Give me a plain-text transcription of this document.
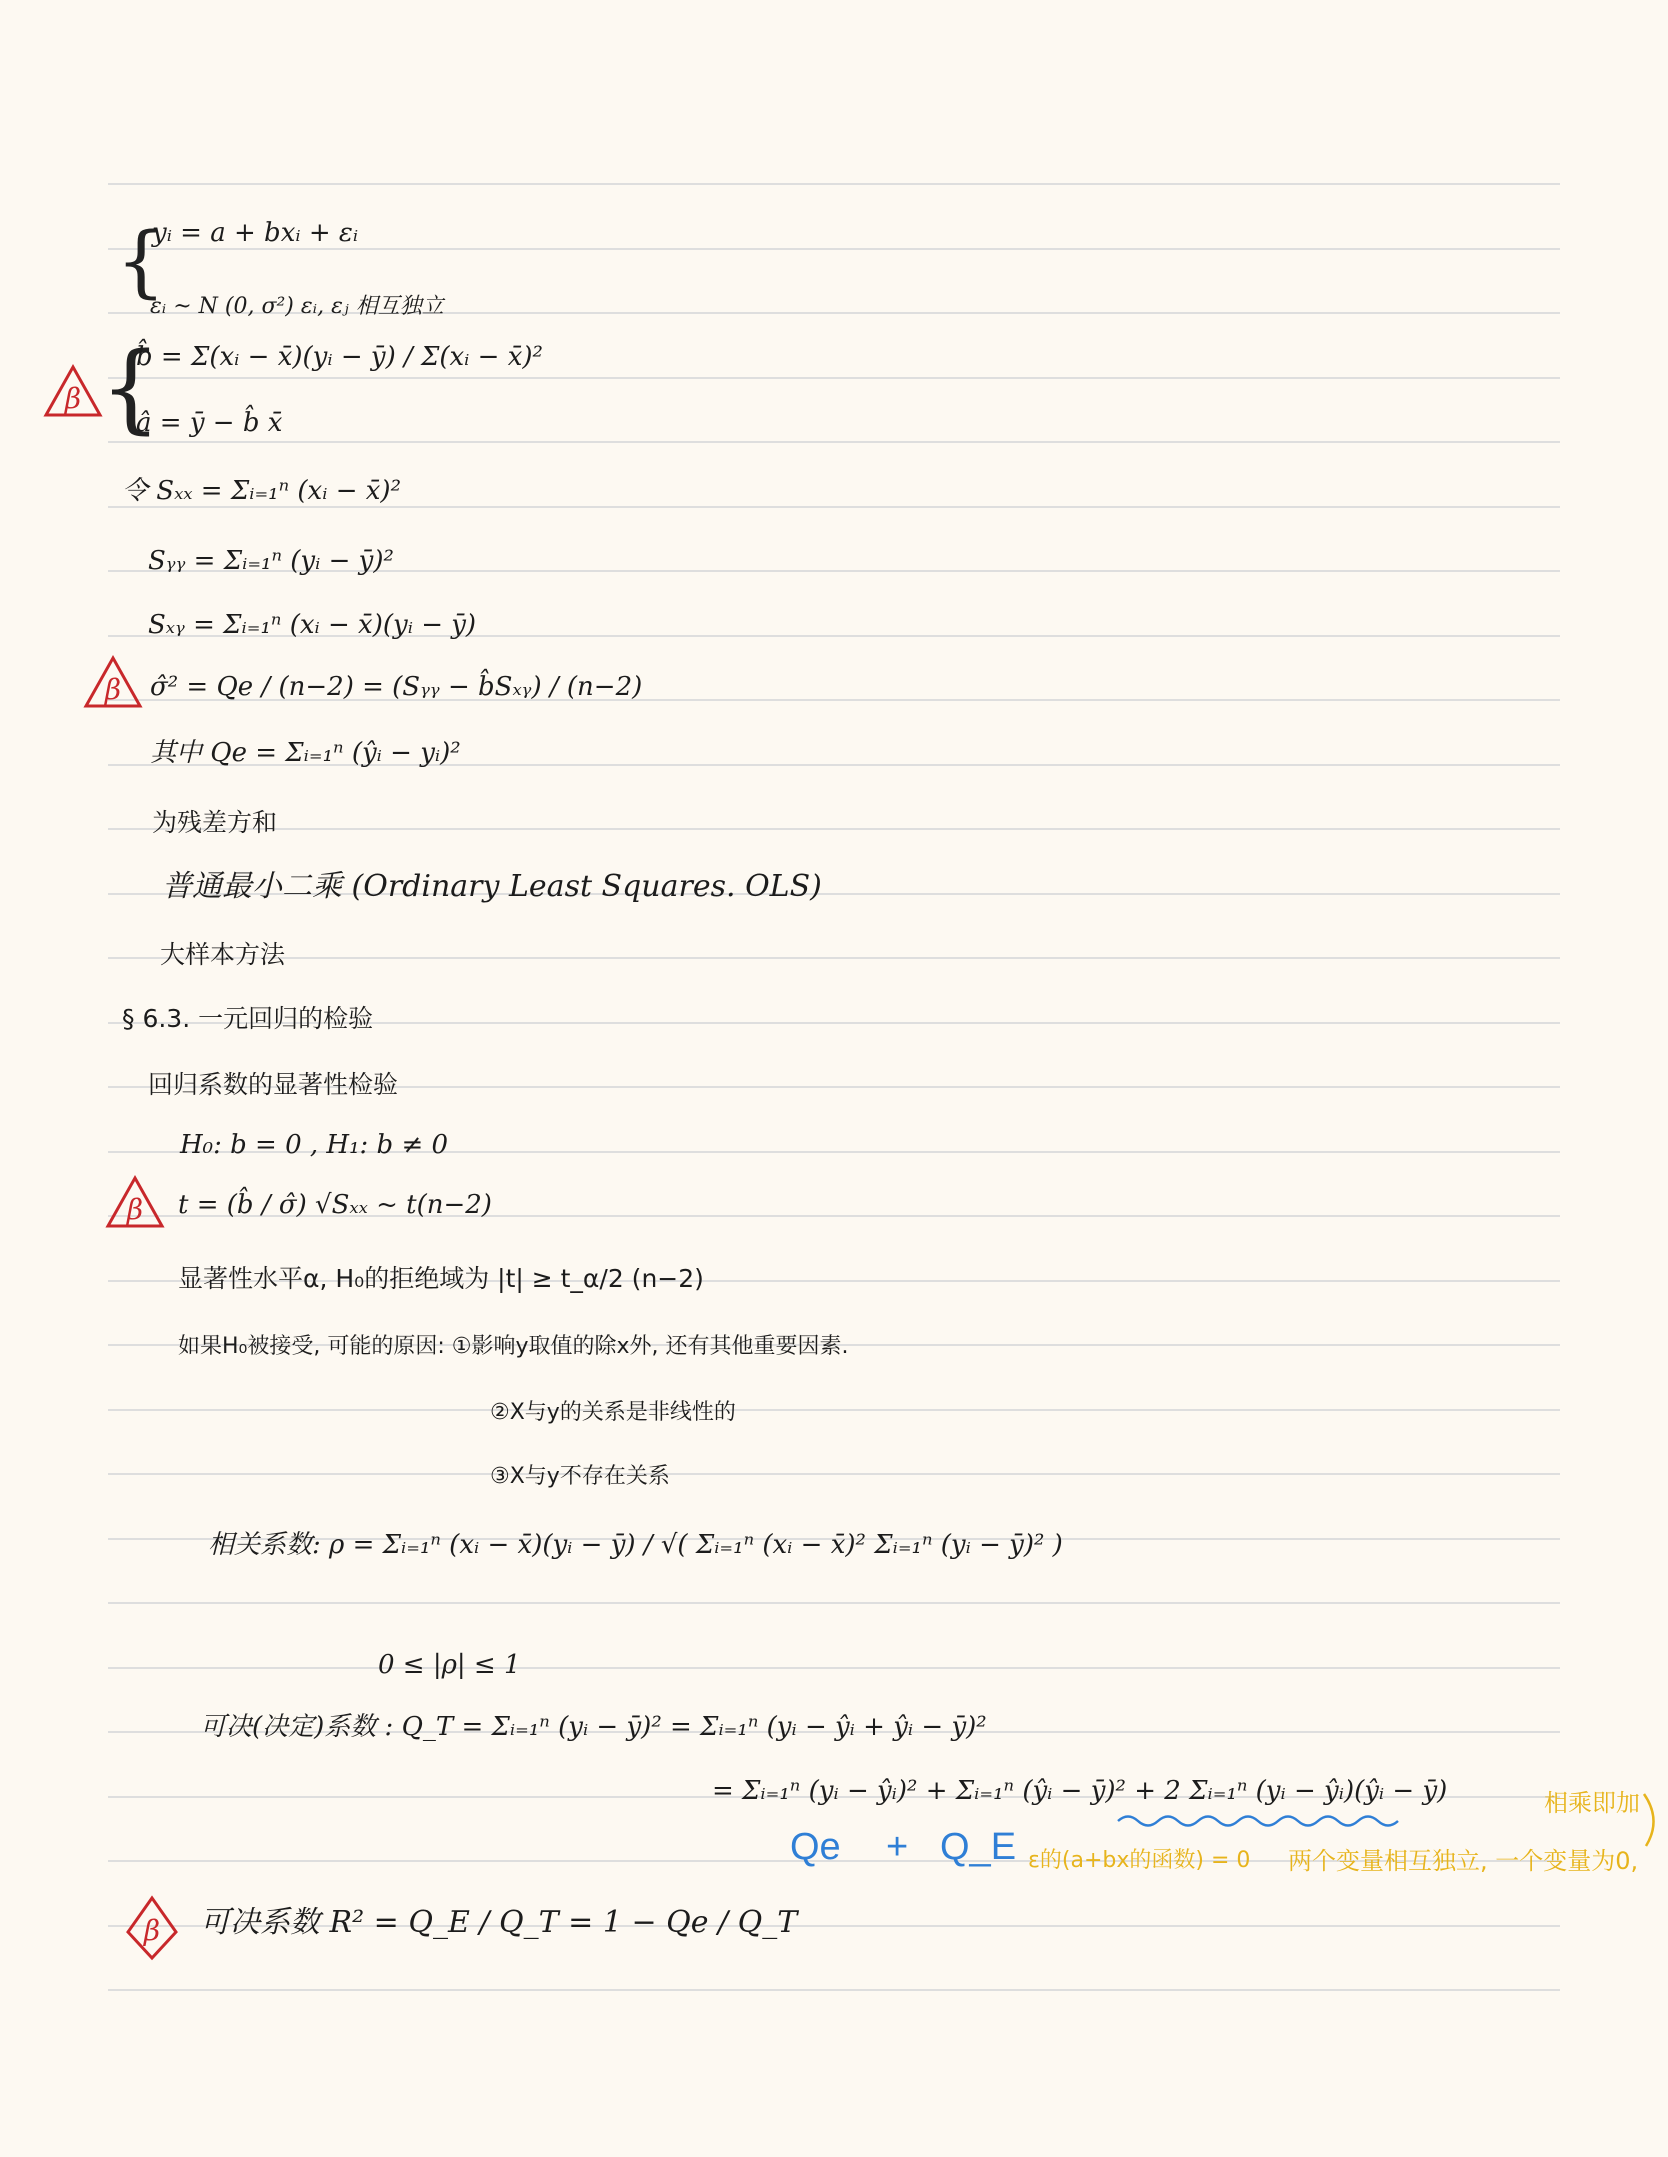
{
{
β
β
β
β
yᵢ = a + bxᵢ + εᵢ
εᵢ ~ N (0, σ²) εᵢ, εⱼ 相互独立
b̂ = Σ(xᵢ − x̄)(yᵢ − ȳ) / Σ(xᵢ − x̄)²
â = ȳ − b̂ x̄
令 Sₓₓ = Σᵢ₌₁ⁿ (xᵢ − x̄)²
Sᵧᵧ = Σᵢ₌₁ⁿ (yᵢ − ȳ)²
Sₓᵧ = Σᵢ₌₁ⁿ (xᵢ − x̄)(yᵢ − ȳ)
σ̂² = Qe / (n−2) = (Sᵧᵧ − b̂Sₓᵧ) / (n−2)
其中 Qe = Σᵢ₌₁ⁿ (ŷᵢ − yᵢ)²
为残差方和
普通最小二乘 (Ordinary Least Squares. OLS)
大样本方法
§ 6.3. 一元回归的检验
回归系数的显著性检验
H₀: b = 0 , H₁: b ≠ 0
t = (b̂ / σ̂) √Sₓₓ ~ t(n−2)
显著性水平α, H₀的拒绝域为 |t| ≥ t_α/2 (n−2)
如果H₀被接受, 可能的原因: ①影响y取值的除x外, 还有其他重要因素.
②X与y的关系是非线性的
③X与y不存在关系
相关系数: ρ = Σᵢ₌₁ⁿ (xᵢ − x̄)(yᵢ − ȳ) / √( Σᵢ₌₁ⁿ (xᵢ − x̄)² Σᵢ₌₁ⁿ (yᵢ − ȳ)² )
0 ≤ |ρ| ≤ 1
可决(决定)系数 : Q_T = Σᵢ₌₁ⁿ (yᵢ − ȳ)² = Σᵢ₌₁ⁿ (yᵢ − ŷᵢ + ŷᵢ − ȳ)²
= Σᵢ₌₁ⁿ (yᵢ − ŷᵢ)² + Σᵢ₌₁ⁿ (ŷᵢ − ȳ)² + 2 Σᵢ₌₁ⁿ (yᵢ − ŷᵢ)(ŷᵢ − ȳ)
Qe + Q_E ε的(a+bx的函数) = 0 两个变量相互独立, 一个变量为0,
相乘即加
可决系数 R² = Q_E / Q_T = 1 − Qe / Q_T
